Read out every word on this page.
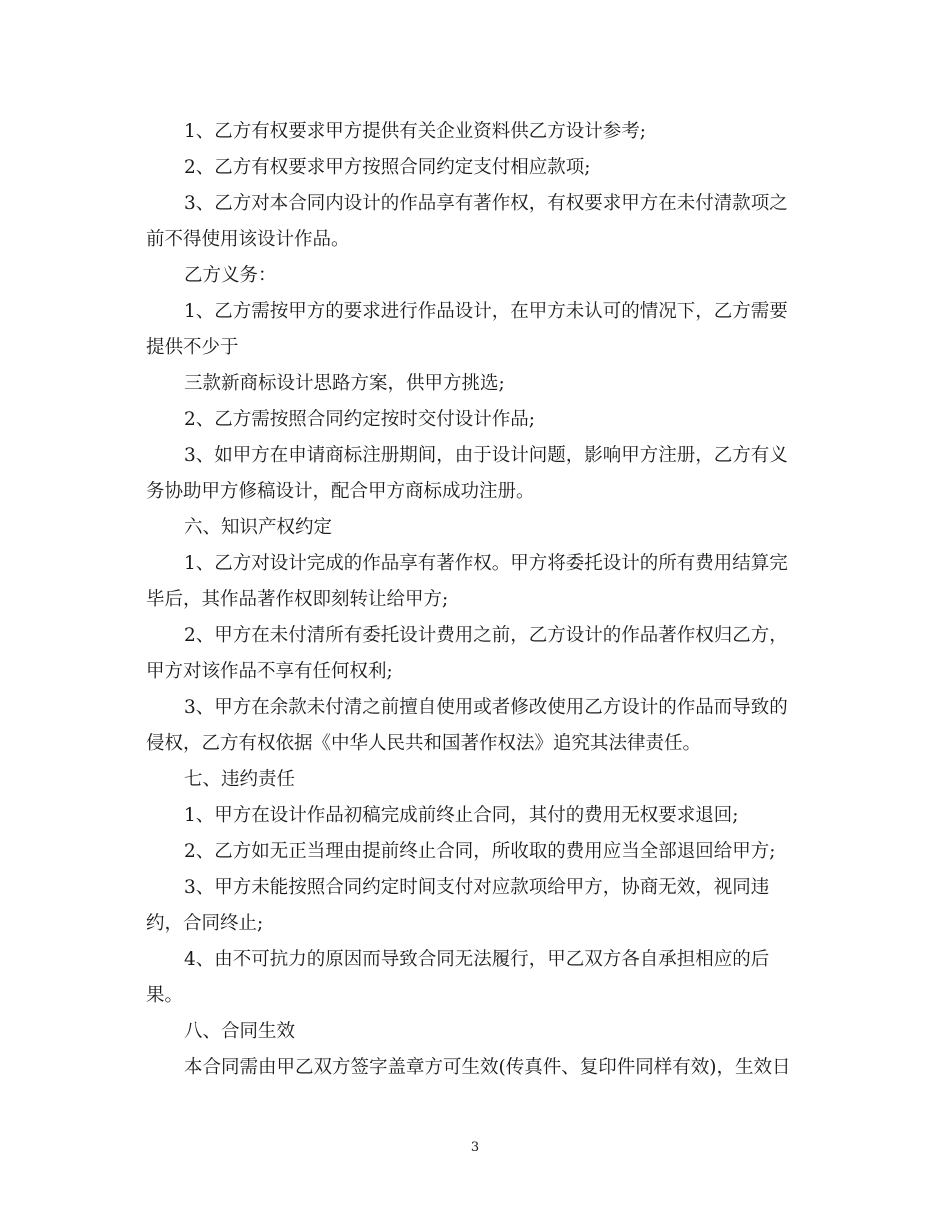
1、乙方有权要求甲方提供有关企业资料供乙方设计参考;
2、乙方有权要求甲方按照合同约定支付相应款项;
3、乙方对本合同内设计的作品享有著作权，有权要求甲方在未付清款项之
前不得使用该设计作品。
乙方义务：
1、乙方需按甲方的要求进行作品设计，在甲方未认可的情况下，乙方需要
提供不少于
三款新商标设计思路方案，供甲方挑选;
2、乙方需按照合同约定按时交付设计作品;
3、如甲方在申请商标注册期间，由于设计问题，影响甲方注册，乙方有义
务协助甲方修稿设计，配合甲方商标成功注册。
六、知识产权约定
1、乙方对设计完成的作品享有著作权。甲方将委托设计的所有费用结算完
毕后，其作品著作权即刻转让给甲方;
2、甲方在未付清所有委托设计费用之前，乙方设计的作品著作权归乙方，
甲方对该作品不享有任何权利;
3、甲方在余款未付清之前擅自使用或者修改使用乙方设计的作品而导致的
侵权，乙方有权依据《中华人民共和国著作权法》追究其法律责任。
七、违约责任
1、甲方在设计作品初稿完成前终止合同，其付的费用无权要求退回;
2、乙方如无正当理由提前终止合同，所收取的费用应当全部退回给甲方;
3、甲方未能按照合同约定时间支付对应款项给甲方，协商无效，视同违
约，合同终止;
4、由不可抗力的原因而导致合同无法履行，甲乙双方各自承担相应的后
果。
八、合同生效
本合同需由甲乙双方签字盖章方可生效(传真件、复印件同样有效)，生效日
3
